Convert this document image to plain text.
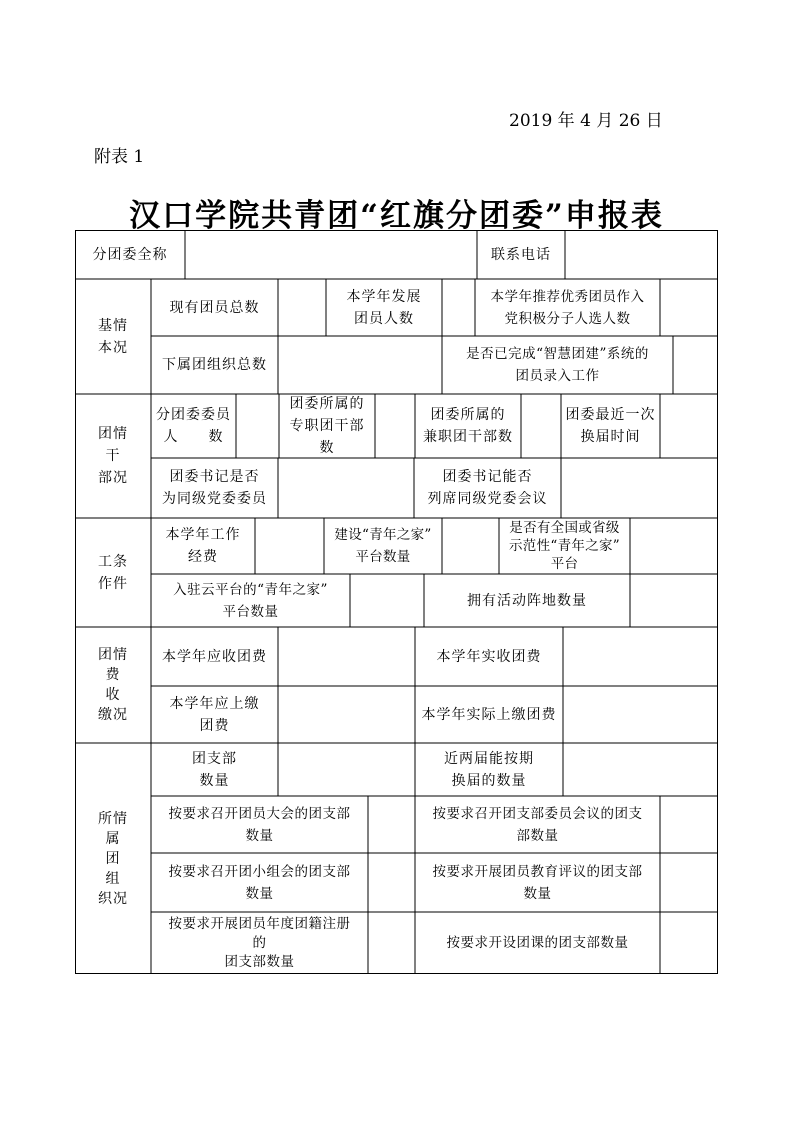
2019 年 4 月 26 日
附表 1
汉口学院共青团“红旗分团委”申报表
分团委全称	联系电话
基情
本况
现有团员总数
本学年发展
团员人数
本学年推荐优秀团员作入
党积极分子人选人数
下属团组织总数
是否已完成“智慧团建”系统的
团员录入工作
团情
干
部况
分团委委员
人　　数
团委所属的
专职团干部
数
团委所属的
兼职团干部数
团委最近一次
换届时间
团委书记是否
为同级党委委员
团委书记能否
列席同级党委会议
工条
作件
本学年工作
经费
建设“青年之家”
平台数量
是否有全国或省级
示范性“青年之家”
平台
入驻云平台的“青年之家”
平台数量
拥有活动阵地数量
团情
费
收
缴况
本学年应收团费	本学年实收团费
本学年应上缴
团费
本学年实际上缴团费
所情
属
团
组
织况
团支部
数量
近两届能按期
换届的数量
按要求召开团员大会的团支部
数量
按要求召开团支部委员会议的团支
部数量
按要求召开团小组会的团支部
数量
按要求开展团员教育评议的团支部
数量
按要求开展团员年度团籍注册
的
团支部数量
按要求开设团课的团支部数量
